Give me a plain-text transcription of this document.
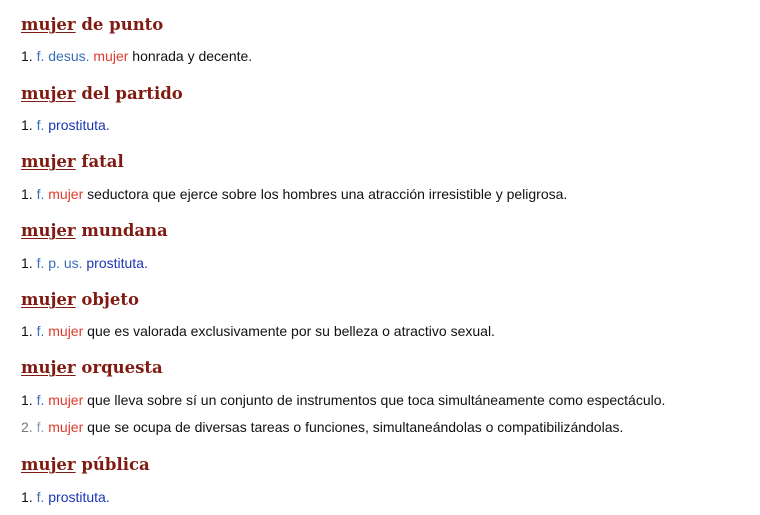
mujer de punto

1. f. desus. mujer honrada y decente.

mujer del partido

1. f. prostituta.

mujer fatal

1. f. mujer seductora que ejerce sobre los hombres una atracción irresistible y peligrosa.

mujer mundana

1. f. p. us. prostituta.

mujer objeto

1. f. mujer que es valorada exclusivamente por su belleza o atractivo sexual.

mujer orquesta

1. f. mujer que lleva sobre sí un conjunto de instrumentos que toca simultáneamente como espectáculo.

2. f. mujer que se ocupa de diversas tareas o funciones, simultaneándolas o compatibilizándolas.

mujer pública

1. f. prostituta.
